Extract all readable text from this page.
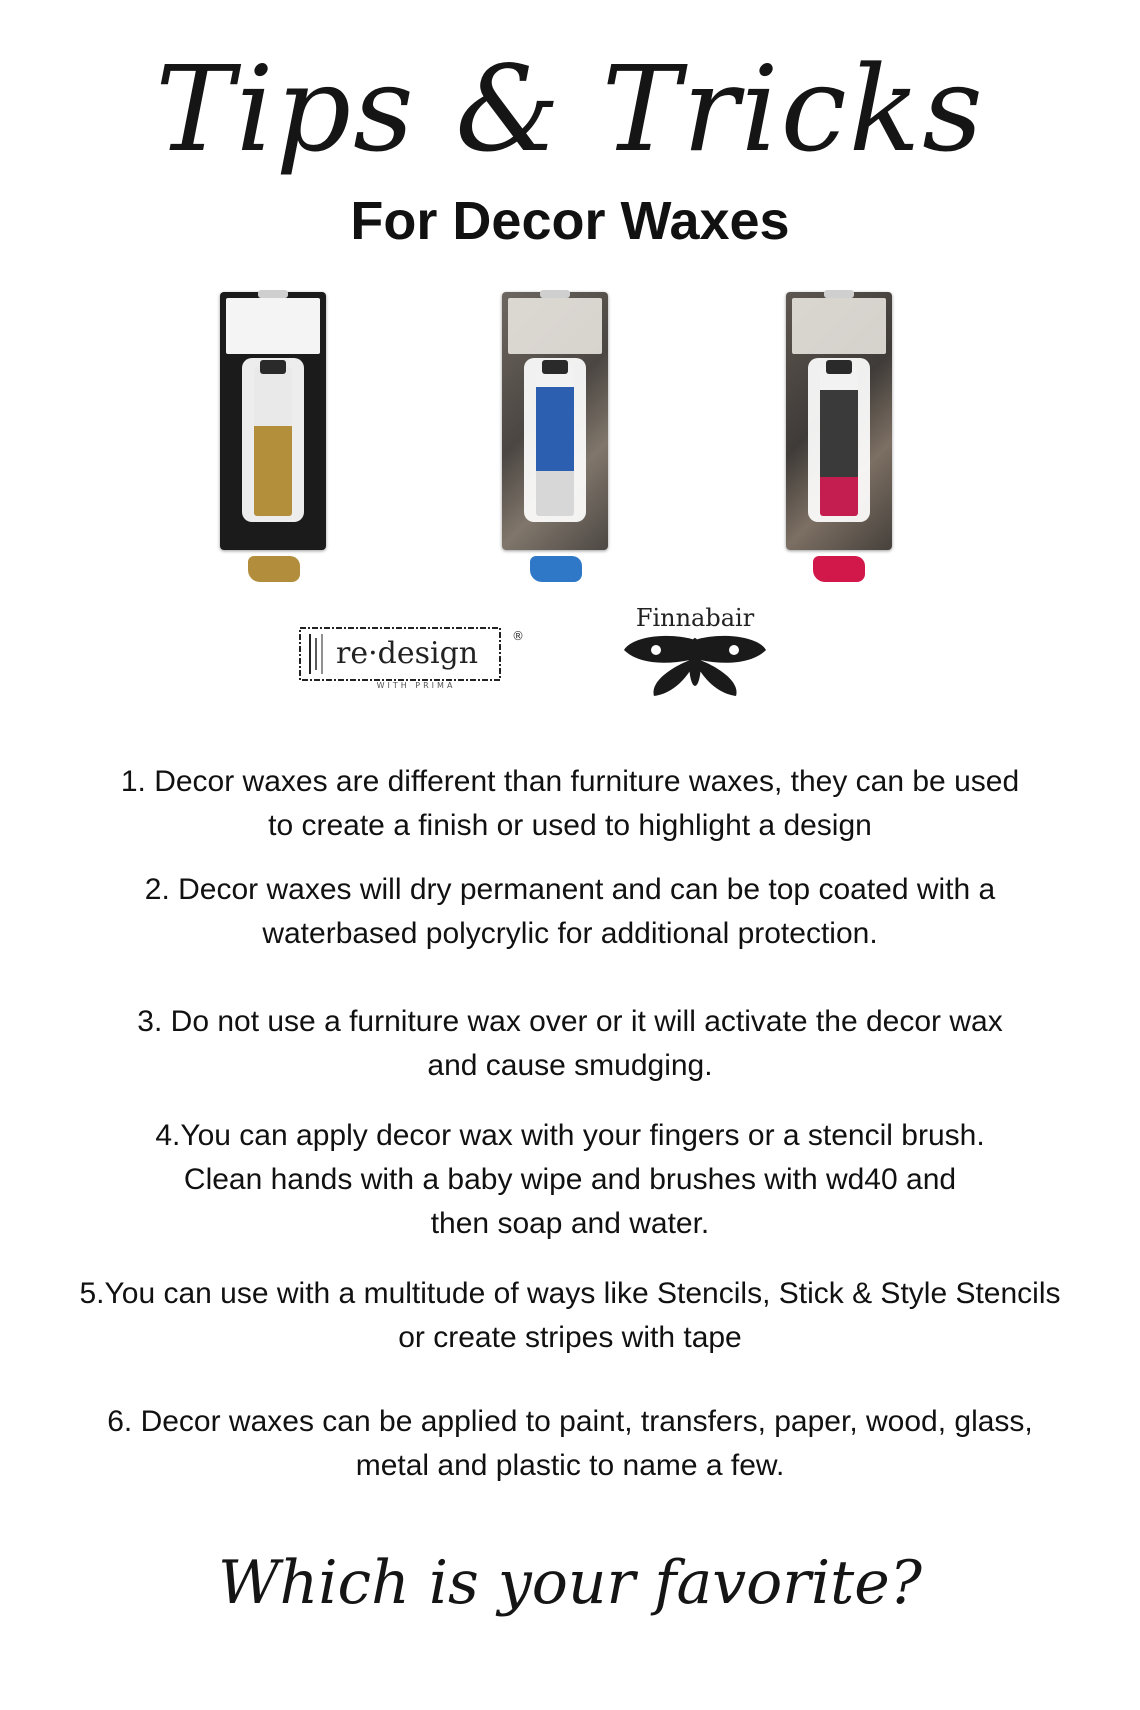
Tips & Tricks
For Decor Waxes
re·design
WITH PRIMA
®
Finnabair
1. Decor waxes are different than furniture waxes, they can be used
to create a finish or used to highlight a design
2. Decor waxes will dry permanent and can be top coated with a
waterbased polycrylic for additional protection.
3. Do not use a furniture wax over or it will activate the decor wax
and cause smudging.
4.You can apply decor wax with your fingers or a stencil brush.
Clean hands with a baby wipe and brushes with wd40 and
then soap and water.
5.You can use with a multitude of ways like Stencils, Stick & Style Stencils
or create stripes with tape
6. Decor waxes can be applied to paint, transfers, paper, wood, glass,
metal and plastic to name a few.
Which is your favorite?
